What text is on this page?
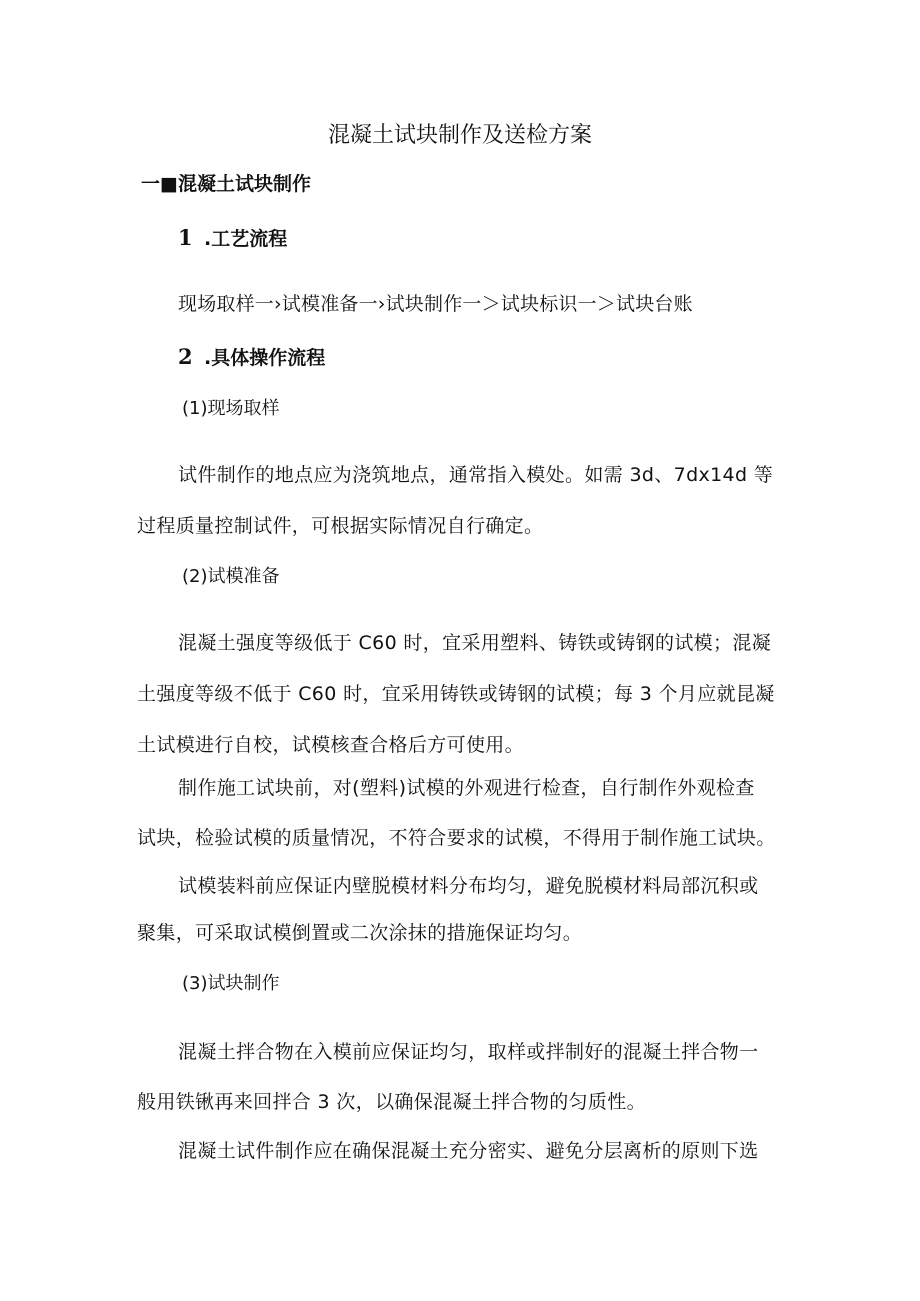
混凝土试块制作及送检方案
一■混凝土试块制作
1 .工艺流程
现场取样一›试模准备一›试块制作一＞试块标识一＞试块台账
2 .具体操作流程
(1)现场取样
试件制作的地点应为浇筑地点，通常指入模处。如需 3d、7dx14d 等
过程质量控制试件，可根据实际情况自行确定。
(2)试模准备
混凝土强度等级低于 C60 时，宜采用塑料、铸铁或铸钢的试模；混凝
土强度等级不低于 C60 时，宜采用铸铁或铸钢的试模；每 3 个月应就昆凝
土试模进行自校，试模核查合格后方可使用。
制作施工试块前，对(塑料)试模的外观进行检查，自行制作外观检查
试块，检验试模的质量情况，不符合要求的试模，不得用于制作施工试块。
试模装料前应保证内壁脱模材料分布均匀，避免脱模材料局部沉积或
聚集，可采取试模倒置或二次涂抹的措施保证均匀。
(3)试块制作
混凝土拌合物在入模前应保证均匀，取样或拌制好的混凝土拌合物一
般用铁锹再来回拌合 3 次，以确保混凝土拌合物的匀质性。
混凝土试件制作应在确保混凝土充分密实、避免分层离析的原则下选
